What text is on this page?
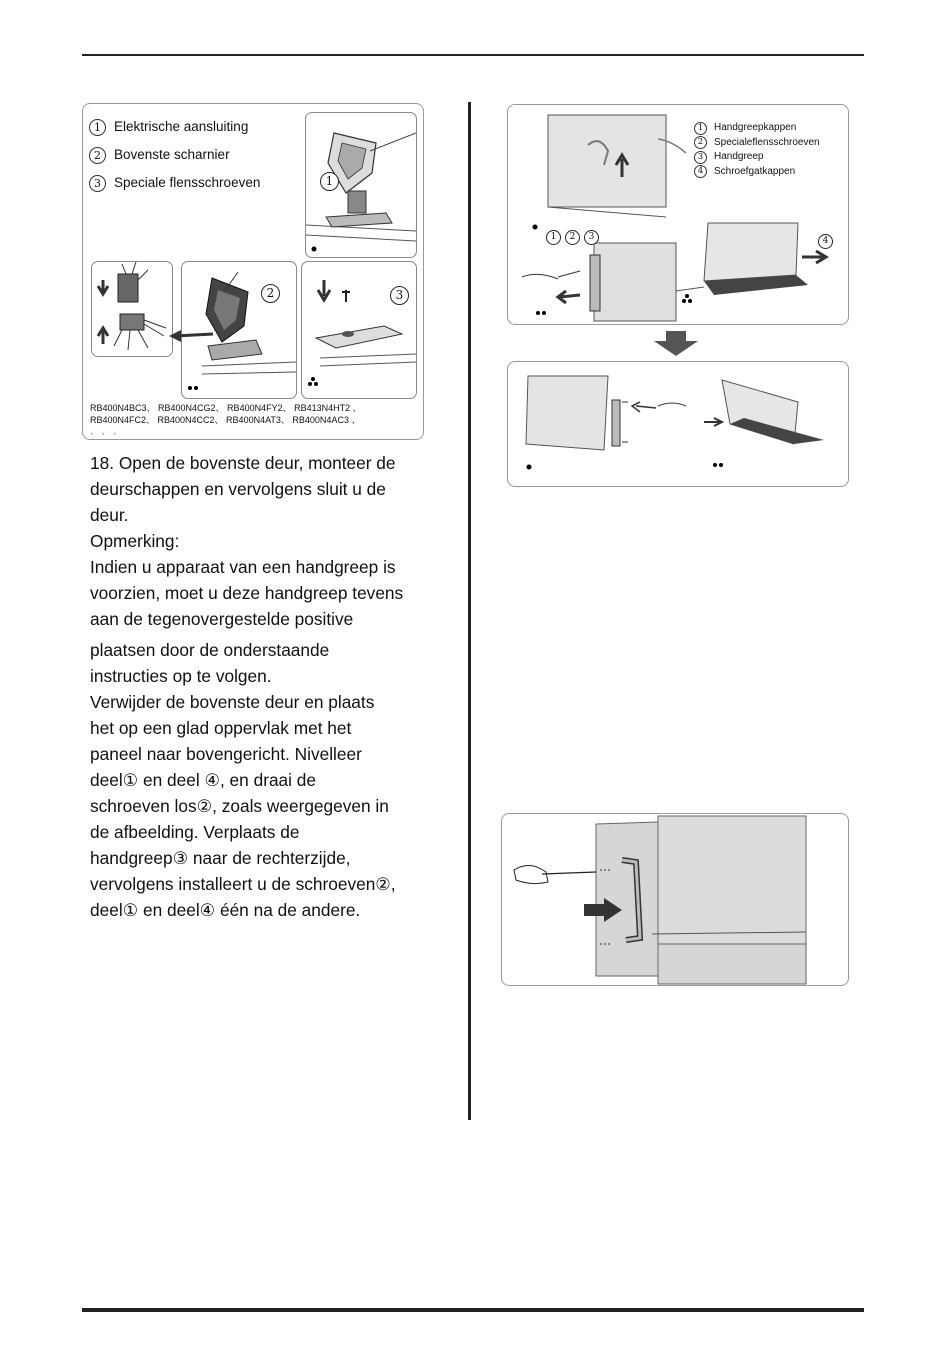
1 Elektrische aansluiting
2 Bovenste scharnier
3 Speciale flensschroeven	1
2	3
RB400N4BC3、 RB400N4CG2、 RB400N4FY2、 RB413N4HT2 、
RB400N4FC2、 RB400N4CC2、 RB400N4AT3、 RB400N4AC3 、
、 、 、
18. Open de bovenste deur, monteer de
deurschappen en vervolgens sluit u de
deur.
Opmerking:
Indien u apparaat van een handgreep is
voorzien, moet u deze handgreep tevens
aan de tegenovergestelde positive
plaatsen door de onderstaande
instructies op te volgen.
Verwijder de bovenste deur en plaats
het op een glad oppervlak met het
paneel naar bovengericht. Nivelleer
deel① en deel ④, en draai de
schroeven los②, zoals weergegeven in
de afbeelding. Verplaats de
handgreep③ naar de rechterzijde,
vervolgens installeert u de schroeven②,
deel① en deel④ één na de andere.
1	Handgreepkappen
2	Specialeflensschroeven
3	Handgreep
4	Schroefgatkappen
1	2	3	4
